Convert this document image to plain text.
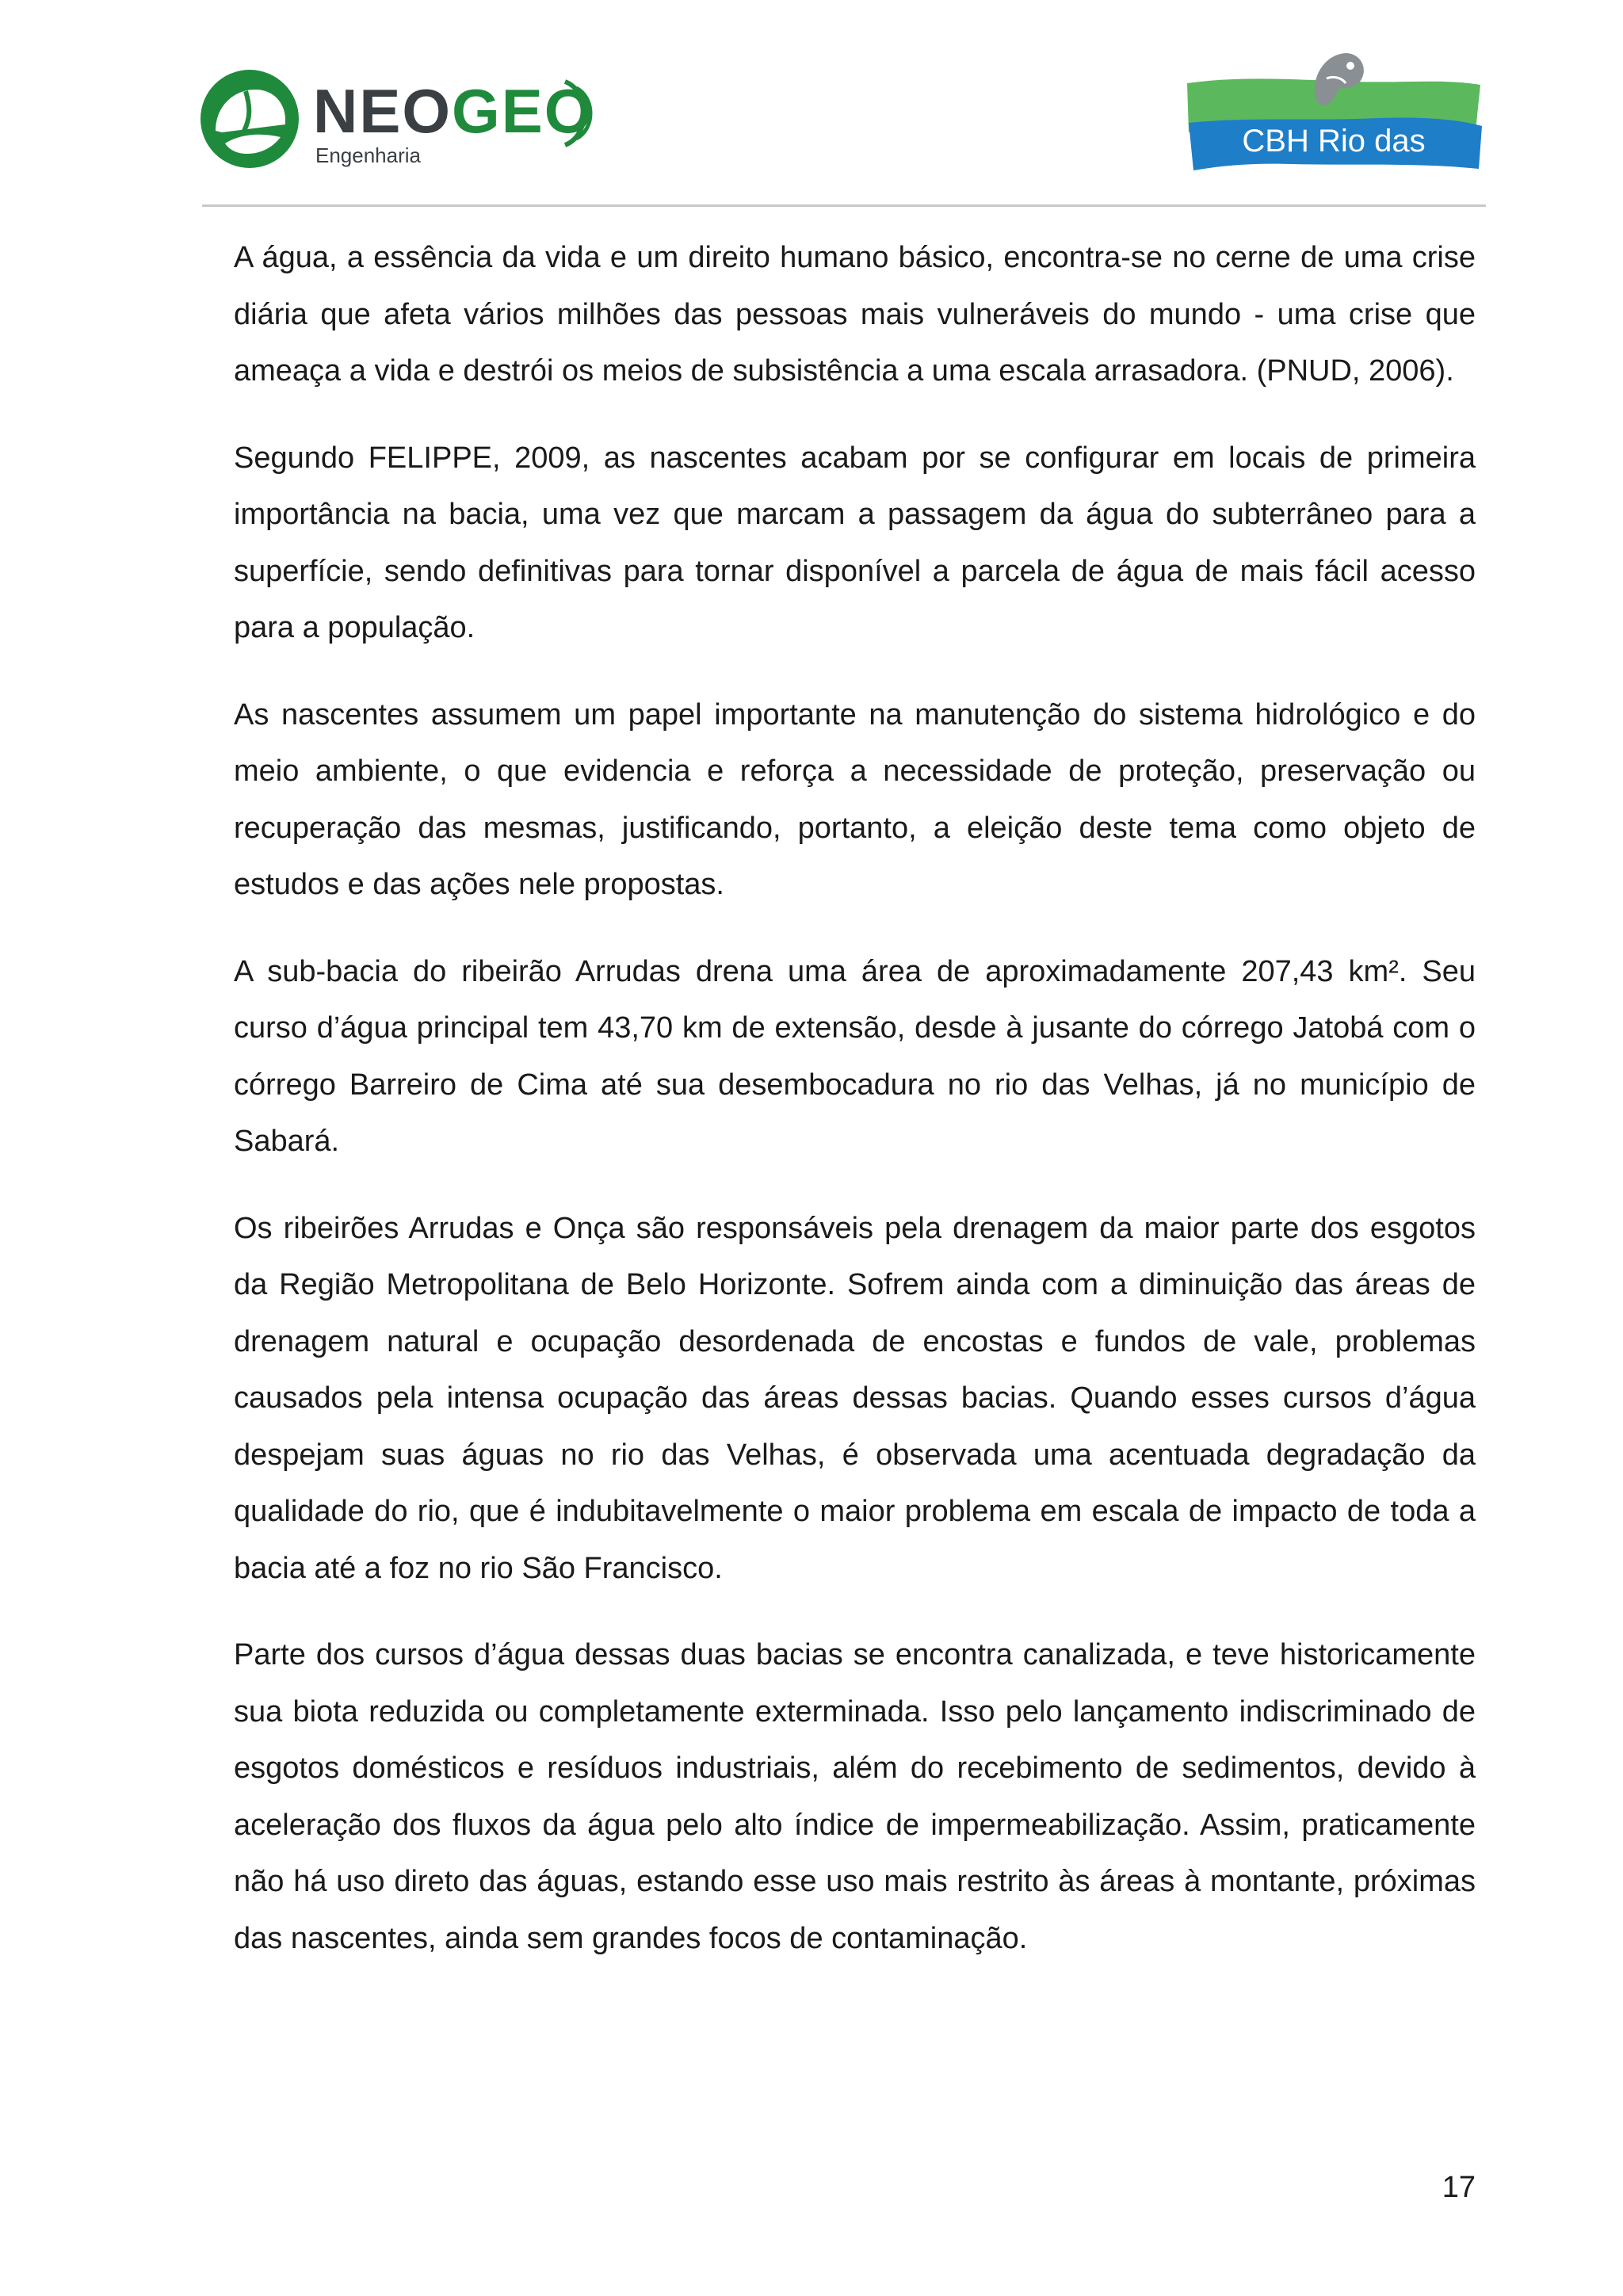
NEOGEO
Engenharia	CBH Rio das Velhas

A água, a essência da vida e um direito humano básico, encontra-se no cerne de uma crise diária que afeta vários milhões das pessoas mais vulneráveis do mundo - uma crise que ameaça a vida e destrói os meios de subsistência a uma escala arrasadora. (PNUD, 2006).

Segundo FELIPPE, 2009, as nascentes acabam por se configurar em locais de primeira importância na bacia, uma vez que marcam a passagem da água do subterrâneo para a superfície, sendo definitivas para tornar disponível a parcela de água de mais fácil acesso para a população.

As nascentes assumem um papel importante na manutenção do sistema hidrológico e do meio ambiente, o que evidencia e reforça a necessidade de proteção, preservação ou recuperação das mesmas, justificando, portanto, a eleição deste tema como objeto de estudos e das ações nele propostas.

A sub-bacia do ribeirão Arrudas drena uma área de aproximadamente 207,43 km². Seu curso d’água principal tem 43,70 km de extensão, desde à jusante do córrego Jatobá com o córrego Barreiro de Cima até sua desembocadura no rio das Velhas, já no município de Sabará.

Os ribeirões Arrudas e Onça são responsáveis pela drenagem da maior parte dos esgotos da Região Metropolitana de Belo Horizonte. Sofrem ainda com a diminuição das áreas de drenagem natural e ocupação desordenada de encostas e fundos de vale, problemas causados pela intensa ocupação das áreas dessas bacias. Quando esses cursos d’água despejam suas águas no rio das Velhas, é observada uma acentuada degradação da qualidade do rio, que é indubitavelmente o maior problema em escala de impacto de toda a bacia até a foz no rio São Francisco.

Parte dos cursos d’água dessas duas bacias se encontra canalizada, e teve historicamente sua biota reduzida ou completamente exterminada. Isso pelo lançamento indiscriminado de esgotos domésticos e resíduos industriais, além do recebimento de sedimentos, devido à aceleração dos fluxos da água pelo alto índice de impermeabilização. Assim, praticamente não há uso direto das águas, estando esse uso mais restrito às áreas à montante, próximas das nascentes, ainda sem grandes focos de contaminação.

17
